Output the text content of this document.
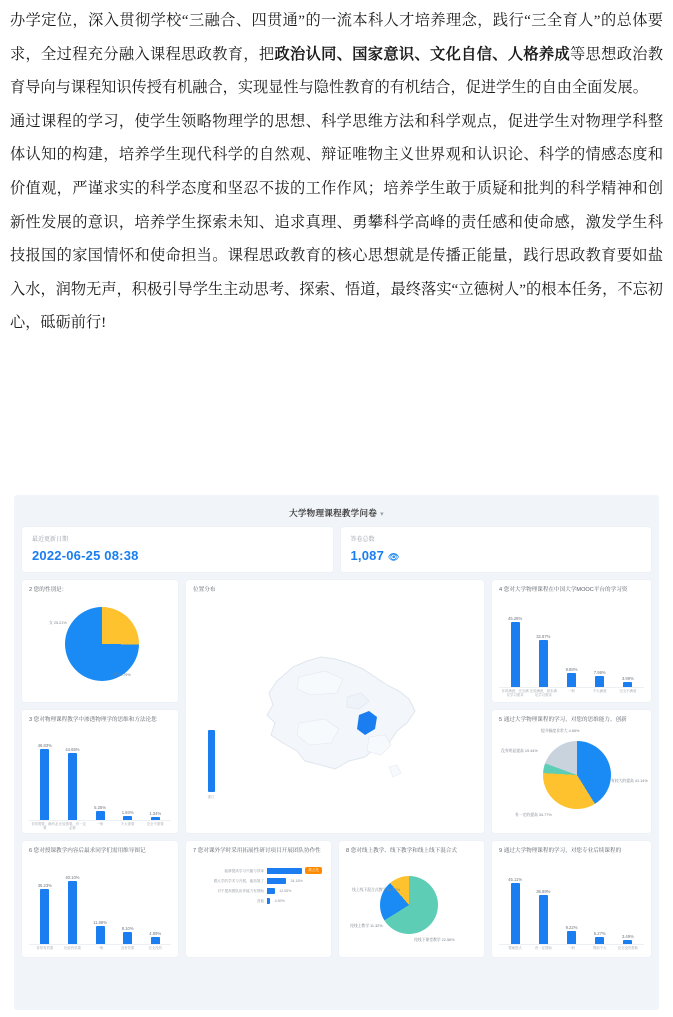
办学定位，深入贯彻学校“三融合、四贯通”的一流本科人才培养理念，践行“三全育人”的总体要求，全过程充分融入课程思政教育，把政治认同、国家意识、文化自信、人格养成等思想政治教育导向与课程知识传授有机融合，实现显性与隐性教育的有机结合，促进学生的自由全面发展。

通过课程的学习，使学生领略物理学的思想、科学思维方法和科学观点，促进学生对物理学科整体认知的构建，培养学生现代科学的自然观、辩证唯物主义世界观和认识论、科学的情感态度和价值观，严谨求实的科学态度和坚忍不拔的工作作风；培养学生敢于质疑和批判的科学精神和创新性发展的意识，培养学生探索未知、追求真理、勇攀科学高峰的责任感和使命感，激发学生科技报国的家国情怀和使命担当。课程思政教育的核心思想就是传播正能量，践行思政教育要如盐入水，润物无声，积极引导学生主动思考、探索、悟道，最终落实“立德树人”的根本任务，不忘初心，砥砺前行!

大学物理课程教学问卷 ▾
最近更新日期
2022-06-25 08:38
答卷总数
1,087 👁
2 您的性别是：
女 25.21%
男 74.79%
3 您对物理课程教学中渗透物理学的思维和方法论您
46.83%
非常需要，确有必要
44.65%
比较需要，有一定必要
5.25%
一般
1.93%
不太需要
1.34%
完全不需要
6 您对授课教学内容后最求同学们需用维导图记
35.23%
非常有效果
40.10%
比较有效果
11.68%
一般
8.10%
没有效果
4.89%
完全没有
位置分布
浙江
7 您对课外学时采用拓展性研讨项目开展团队协作性
能够提高学习兴趣与效率	高占比
跟大学的学术与开展，能拓展了	34.18%
对于提高团队协作能力有帮助	12.05%
其他	4.50%
8 您对线上教学、线下教学和线上线下混合式
线上线下混合式教学 66.12%
纯线下课堂教学 22.56%
纯线上教学 11.32%
4 您对大学物理课程在中国大学MOOC平台的学习资
45.28%
非常满意，完全满足学习需求
32.87%
比较满意，基本满足学习需求
9.88%
一般
7.98%
不太满意
3.99%
完全不满意
5 通过大学物理课程的学习，对您的思维能力、创新
提升幅度非常大 4.65%
没有明显提高 19.44%
有较大的提高 41.14%
有一定的提高 34.77%
9 通过大学物理课程的学习，对您专业后续课程的
45.11%
帮助很大
36.89%
有一定帮助
9.22%
一般
5.27%
帮助不大
3.49%
完全没有帮助
